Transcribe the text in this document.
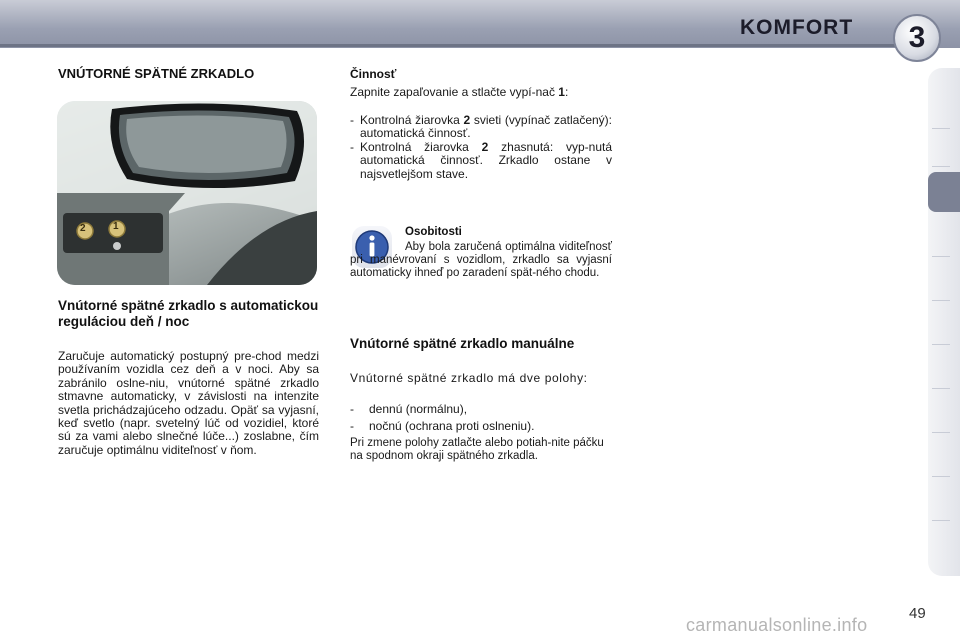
KOMFORT	3
VNÚTORNÉ SPÄTNÉ ZRKADLO
2	1
Vnútorné spätné zrkadlo s automatickou reguláciou deň / noc

Zaručuje automatický postupný pre-chod medzi používaním vozidla cez deň a v noci. Aby sa zabránilo oslne-niu, vnútorné spätné zrkadlo stmavne automaticky, v závislosti na intenzite svetla prichádzajúceho odzadu. Opäť sa vyjasní, keď svetlo (napr. svetelný lúč od vozidiel, ktoré sú za vami alebo slnečné lúče...) zoslabne, čím zaručuje optimálnu viditeľnosť v ňom.

Činnosť

Zapnite zapaľovanie a stlačte vypí-nač 1:

- Kontrolná žiarovka 2 svieti (vypínač zatlačený): automatická činnosť.

- Kontrolná žiarovka 2 zhasnutá: vyp-nutá automatická činnosť. Zrkadlo ostane v najsvetlejšom stave.

Osobitosti

Aby bola zaručená optimálna viditeľnosť pri manévrovaní s vozidlom, zrkadlo sa vyjasní automaticky ihneď po zaradení spät-ného chodu.

Vnútorné spätné zrkadlo manuálne

Vnútorné spätné zrkadlo má dve polohy:

- dennú (normálnu),
- nočnú (ochrana proti oslneniu).

Pri zmene polohy zatlačte alebo potiah-nite páčku na spodnom okraji spätného zrkadla.

49
carmanualsonline.info
